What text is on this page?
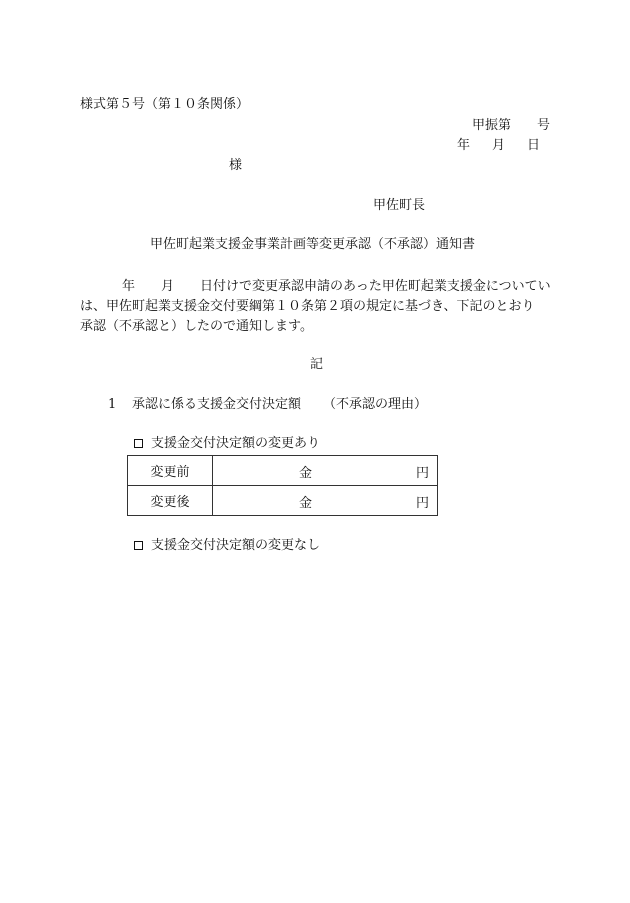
様式第５号（第１０条関係）
甲振第 号
年 月 日
様
甲佐町長
甲佐町起業支援金事業計画等変更承認（不承認）通知書
年 月 日付けで変更承認申請のあった甲佐町起業支援金についてい
は、甲佐町起業支援金交付要綱第１０条第２項の規定に基づき、下記のとおり
承認（不承認と）したので通知します。
記
1 承認に係る支援金交付決定額 （不承認の理由）
支援金交付決定額の変更あり
変更前	金 円

変更後	金 円
支援金交付決定額の変更なし
